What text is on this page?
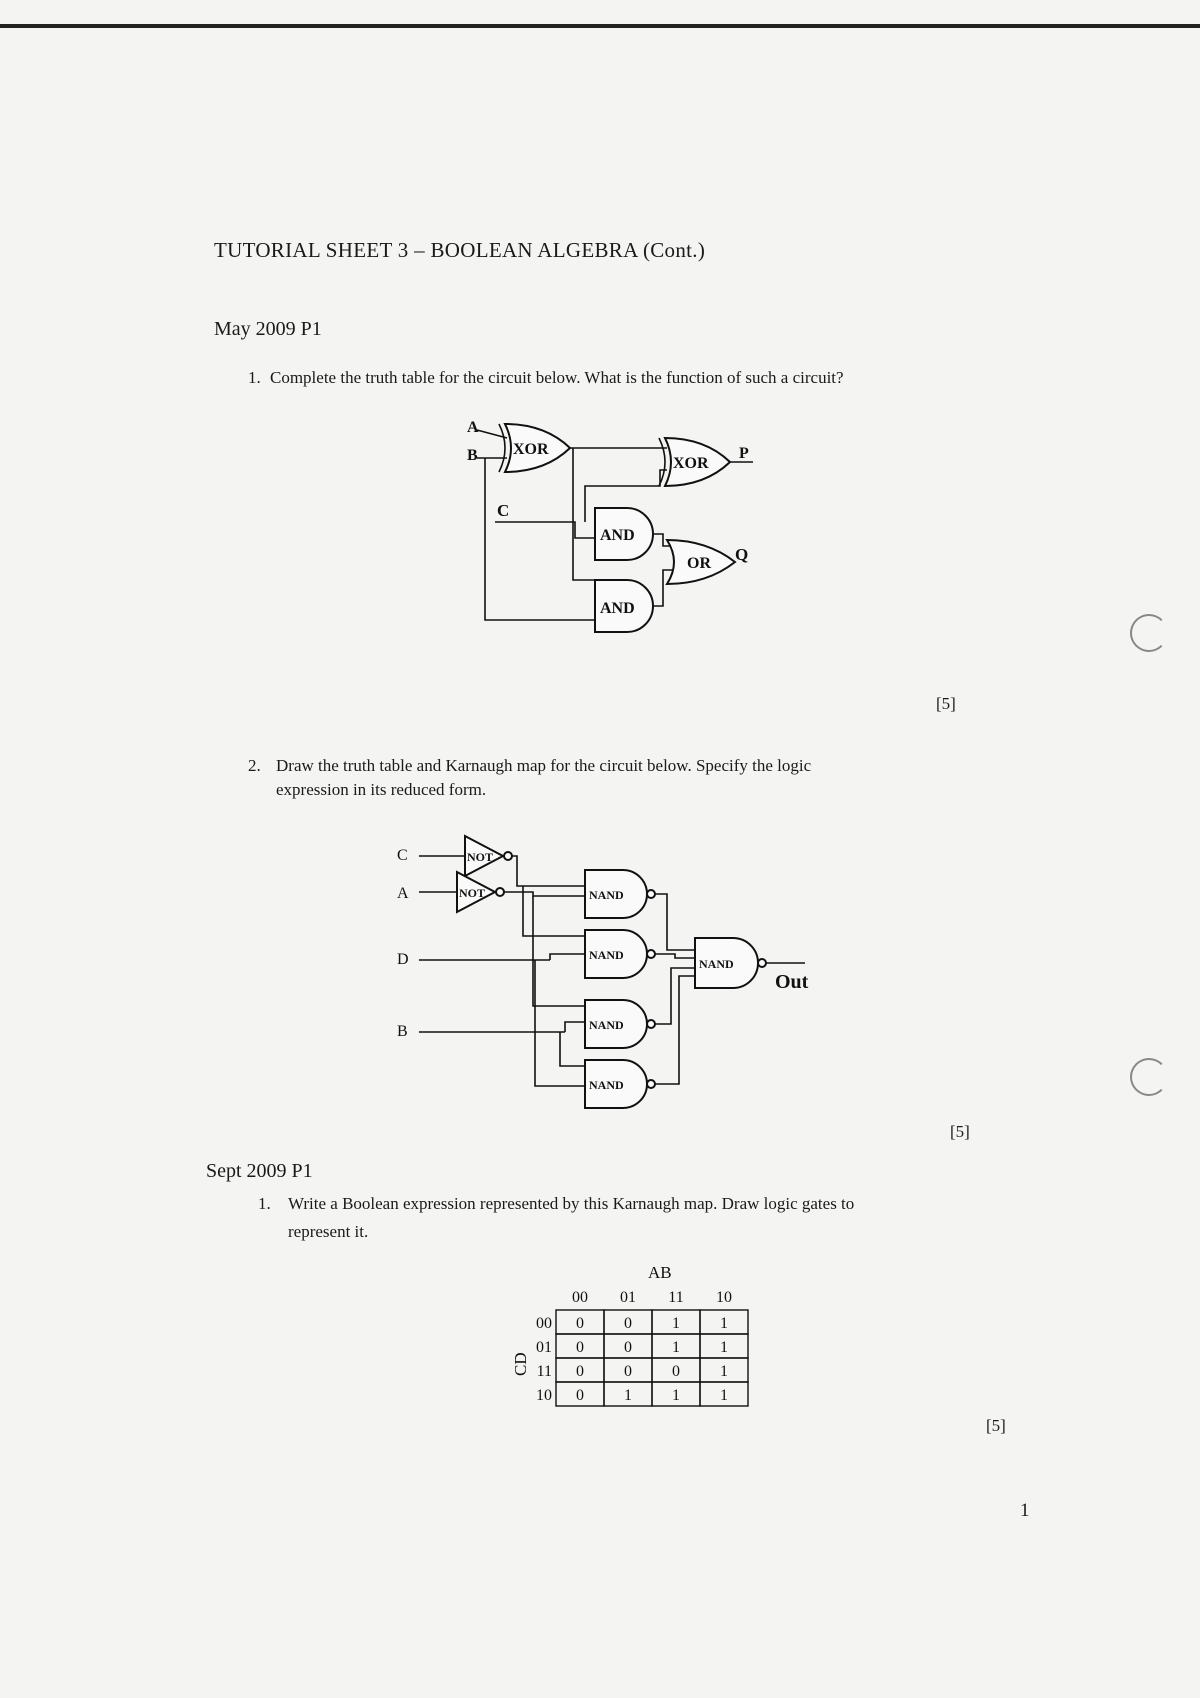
TUTORIAL SHEET 3 – BOOLEAN ALGEBRA (Cont.)
May 2009 P1
1. Complete the truth table for the circuit below. What is the function of such a circuit?
A
B
C
XOR
XOR
P
AND
AND
OR Q
[5]
2. Draw the truth table and Karnaugh map for the circuit below. Specify the logic
expression in its reduced form.
C
A
D
B
NOT
NOT	NAND
NAND
NAND
NAND
NAND
Out
[5]
Sept 2009 P1
1. Write a Boolean expression represented by this Karnaugh map. Draw logic gates to
represent it.
AB
CD
00 01 11 10
00
01
11
10
0	0	1	1
0	0	1	1
0	0	0	1
0	1	1	1
[5]
1
